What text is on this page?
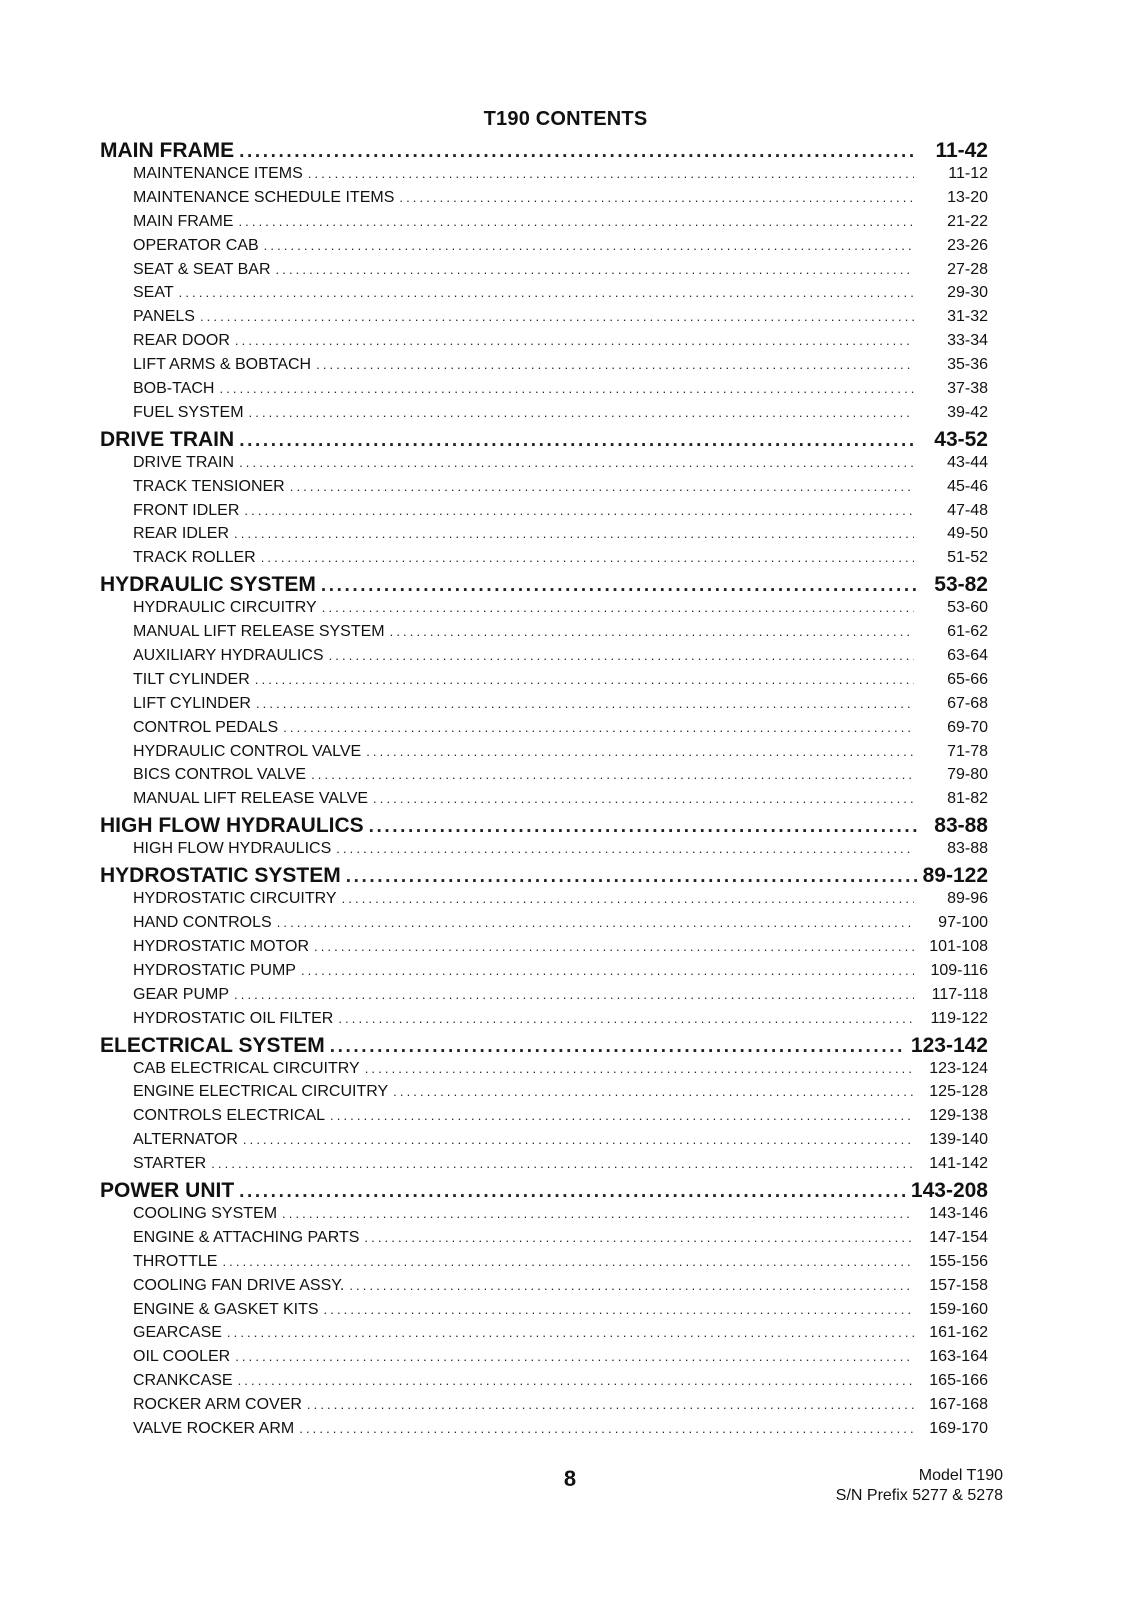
T190 CONTENTS
MAIN FRAME .....	11-42
MAINTENANCE ITEMS .....	11-12
MAINTENANCE SCHEDULE ITEMS .....	13-20
MAIN FRAME .....	21-22
OPERATOR CAB .....	23-26
SEAT & SEAT BAR .....	27-28
SEAT .....	29-30
PANELS .....	31-32
REAR DOOR .....	33-34
LIFT ARMS & BOBTACH .....	35-36
BOB-TACH .....	37-38
FUEL SYSTEM .....	39-42
DRIVE TRAIN .....	43-52
DRIVE TRAIN .....	43-44
TRACK TENSIONER .....	45-46
FRONT IDLER .....	47-48
REAR IDLER .....	49-50
TRACK ROLLER .....	51-52
HYDRAULIC SYSTEM .....	53-82
HYDRAULIC CIRCUITRY .....	53-60
MANUAL LIFT RELEASE SYSTEM .....	61-62
AUXILIARY HYDRAULICS .....	63-64
TILT CYLINDER .....	65-66
LIFT CYLINDER .....	67-68
CONTROL PEDALS .....	69-70
HYDRAULIC CONTROL VALVE .....	71-78
BICS CONTROL VALVE .....	79-80
MANUAL LIFT RELEASE VALVE .....	81-82
HIGH FLOW HYDRAULICS .....	83-88
HIGH FLOW HYDRAULICS .....	83-88
HYDROSTATIC SYSTEM .....	89-122
HYDROSTATIC CIRCUITRY .....	89-96
HAND CONTROLS .....	97-100
HYDROSTATIC MOTOR .....	101-108
HYDROSTATIC PUMP .....	109-116
GEAR PUMP .....	117-118
HYDROSTATIC OIL FILTER .....	119-122
ELECTRICAL SYSTEM .....	123-142
CAB ELECTRICAL CIRCUITRY .....	123-124
ENGINE ELECTRICAL CIRCUITRY .....	125-128
CONTROLS ELECTRICAL .....	129-138
ALTERNATOR .....	139-140
STARTER .....	141-142
POWER UNIT .....	143-208
COOLING SYSTEM .....	143-146
ENGINE & ATTACHING PARTS .....	147-154
THROTTLE .....	155-156
COOLING FAN DRIVE ASSY. .....	157-158
ENGINE & GASKET KITS .....	159-160
GEARCASE .....	161-162
OIL COOLER .....	163-164
CRANKCASE .....	165-166
ROCKER ARM COVER .....	167-168
VALVE ROCKER ARM .....	169-170
8	Model T190
S/N Prefix 5277 & 5278
